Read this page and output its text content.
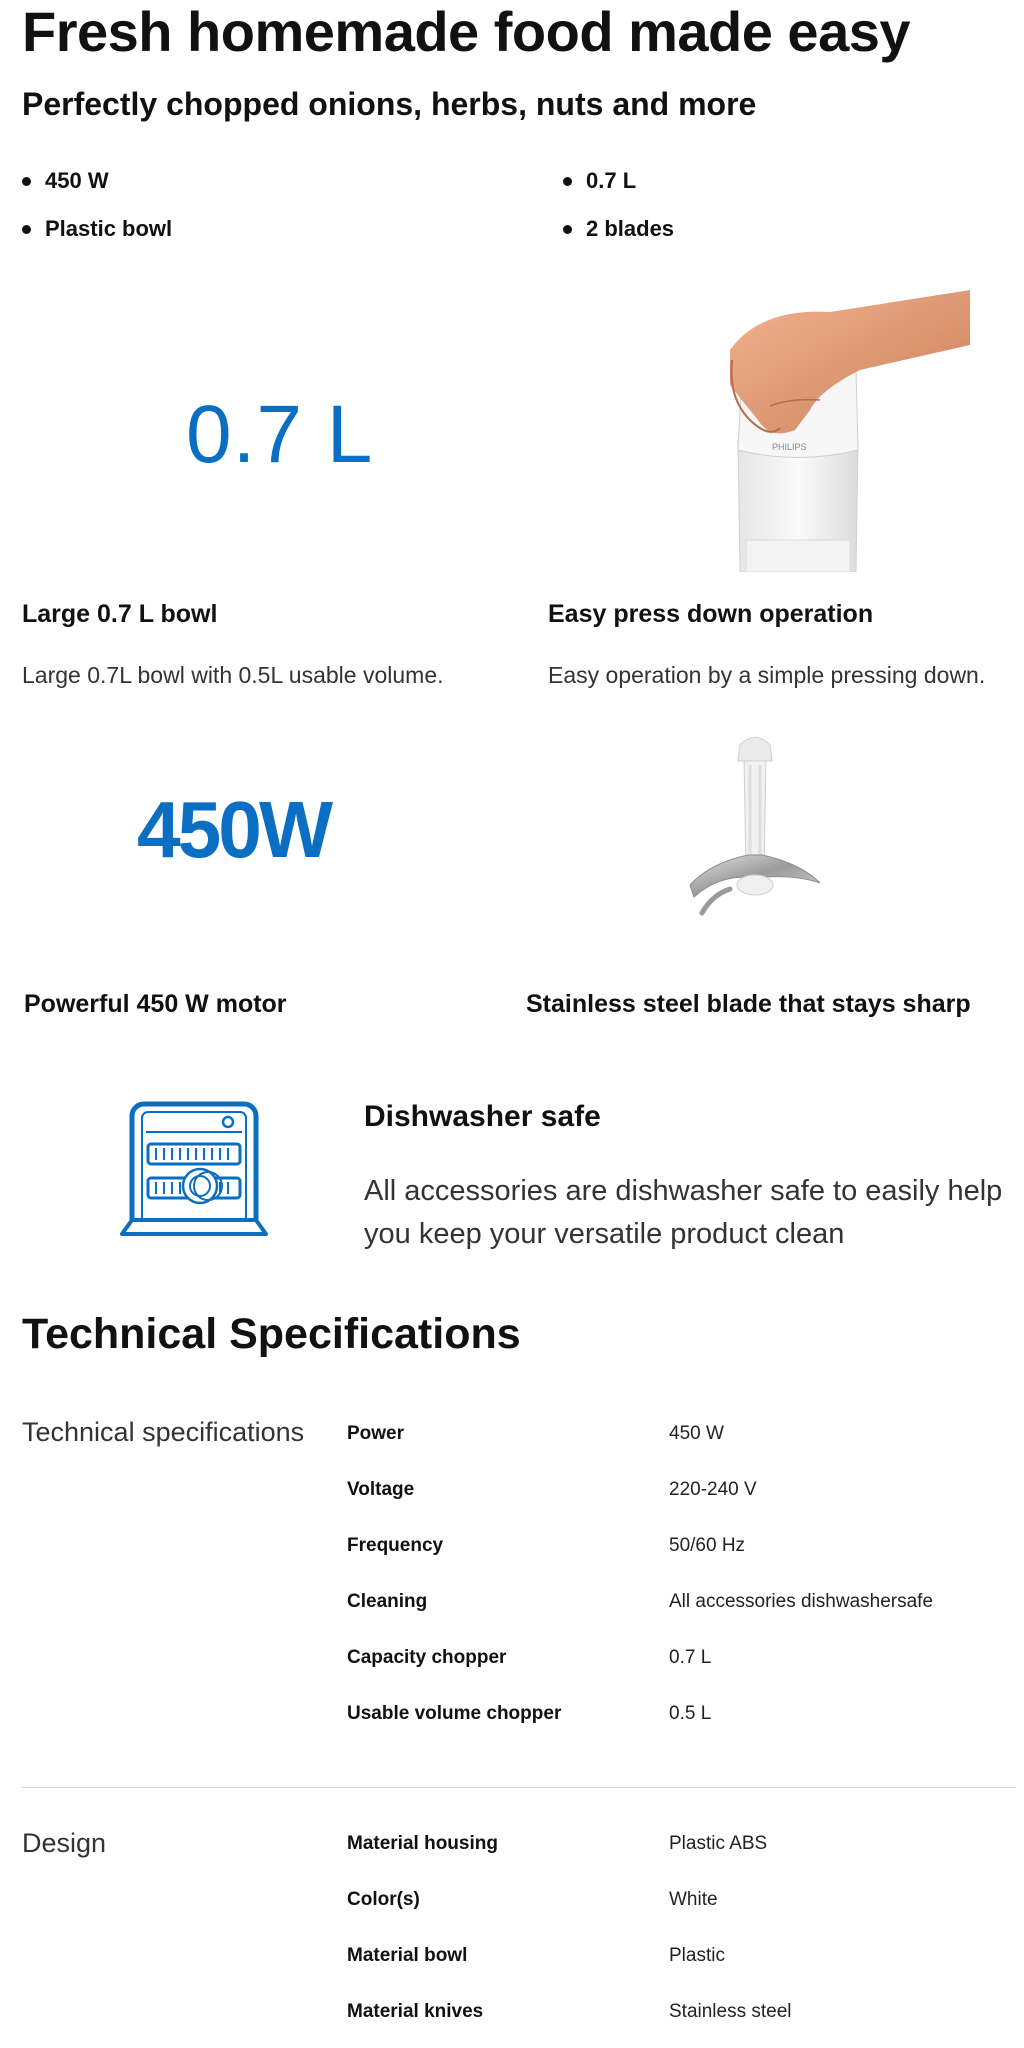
Fresh homemade food made easy
Perfectly chopped onions, herbs, nuts and more
450 W	0.7 L
Plastic bowl	2 blades
0.7 L
Large 0.7 L bowl
Large 0.7L bowl with 0.5L usable volume.
PHILIPS
Easy press down operation
Easy operation by a simple pressing down.
450W
Powerful 450 W motor	Stainless steel blade that stays sharp
Dishwasher safe
All accessories are dishwasher safe to easily help you keep your versatile product clean
Technical Specifications
Technical specifications Power	450 W
Voltage	220-240 V
Frequency	50/60 Hz
Cleaning	All accessories dishwashersafe
Capacity chopper	0.7 L
Usable volume chopper	0.5 L
Design	Material housing	Plastic ABS
Color(s)	White
Material bowl	Plastic
Material knives	Stainless steel
